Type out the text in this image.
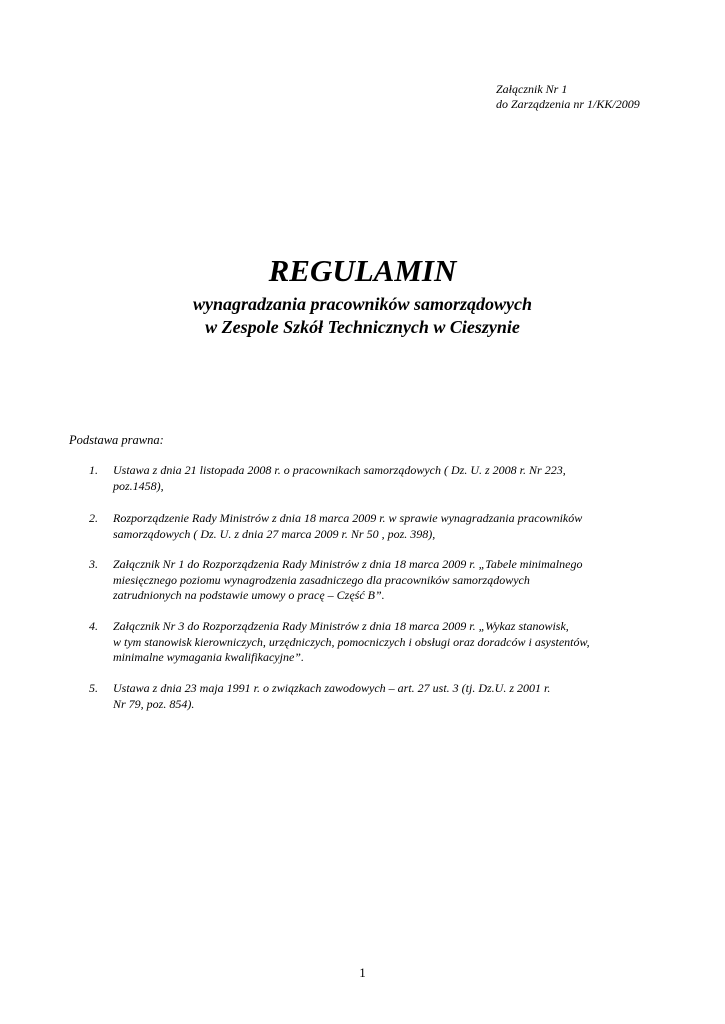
Załącznik Nr 1
do Zarządzenia nr 1/KK/2009
REGULAMIN
wynagradzania pracowników samorządowych
w Zespole Szkół Technicznych w Cieszynie
Podstawa prawna:
1.	Ustawa z dnia 21 listopada 2008 r. o pracownikach samorządowych ( Dz. U. z 2008 r. Nr 223,
poz.1458),
2.	Rozporządzenie Rady Ministrów z dnia 18 marca 2009 r. w sprawie wynagradzania pracowników
samorządowych ( Dz. U. z dnia 27 marca 2009 r. Nr 50 , poz. 398),
3.	Załącznik Nr 1 do Rozporządzenia Rady Ministrów z dnia 18 marca 2009 r. „Tabele minimalnego
miesięcznego poziomu wynagrodzenia zasadniczego dla pracowników samorządowych
zatrudnionych na podstawie umowy o pracę – Część B”.
4.	Załącznik Nr 3 do Rozporządzenia Rady Ministrów z dnia 18 marca 2009 r. „Wykaz stanowisk,
w tym stanowisk kierowniczych, urzędniczych, pomocniczych i obsługi oraz doradców i asystentów,
minimalne wymagania kwalifikacyjne”.
5.	Ustawa z dnia 23 maja 1991 r. o związkach zawodowych – art. 27 ust. 3 (tj. Dz.U. z 2001 r.
Nr 79, poz. 854).
1
